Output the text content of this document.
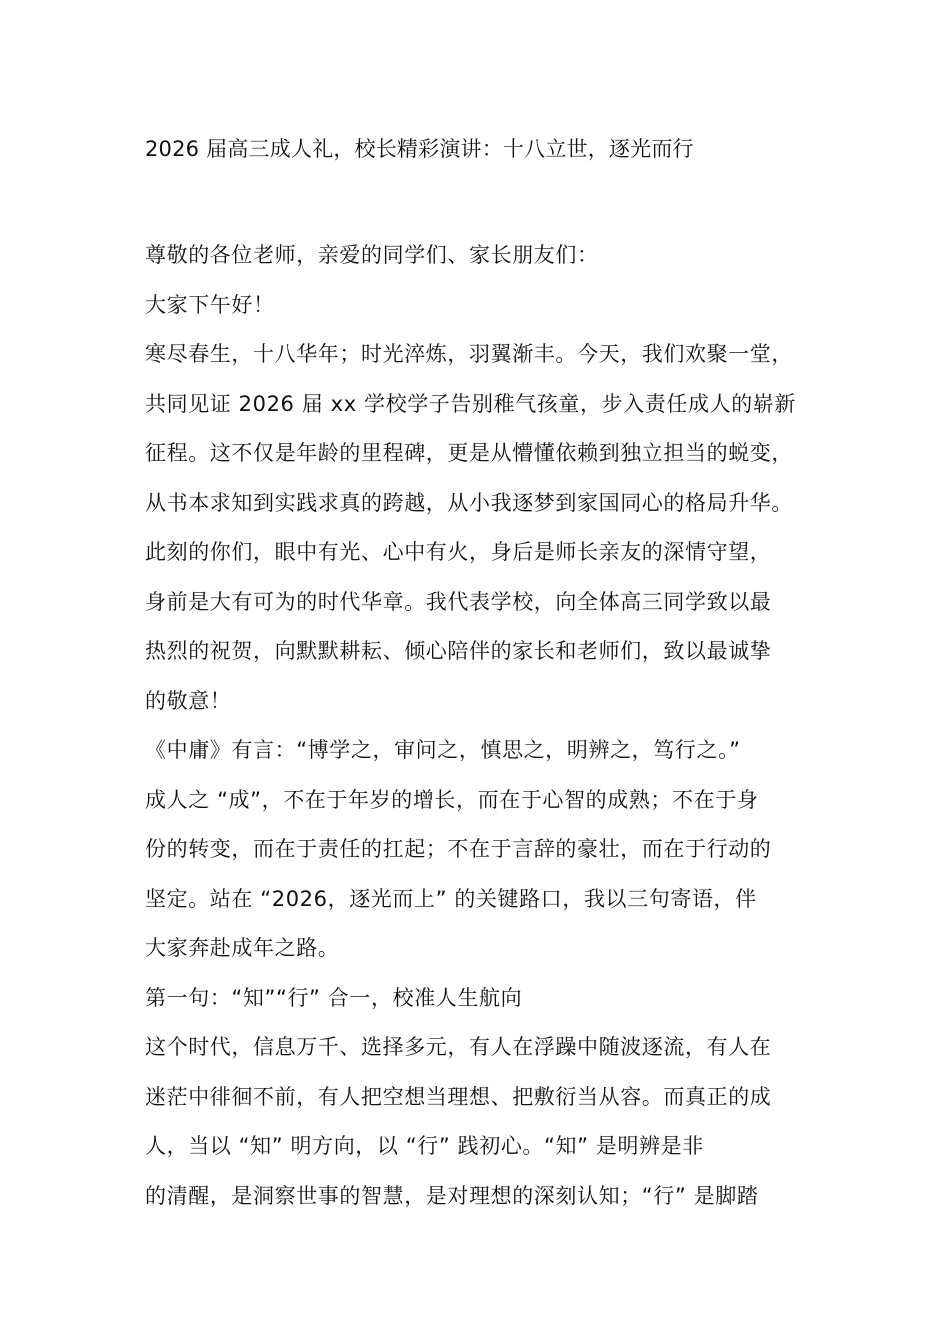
2026 届高三成人礼，校长精彩演讲：十八立世，逐光而行
尊敬的各位老师，亲爱的同学们、家长朋友们：
大家下午好！
寒尽春生，十八华年；时光淬炼，羽翼渐丰。今天，我们欢聚一堂，
共同见证 2026 届 xx 学校学子告别稚气孩童，步入责任成人的崭新
征程。这不仅是年龄的里程碑，更是从懵懂依赖到独立担当的蜕变，
从书本求知到实践求真的跨越，从小我逐梦到家国同心的格局升华。
此刻的你们，眼中有光、心中有火，身后是师长亲友的深情守望，
身前是大有可为的时代华章。我代表学校，向全体高三同学致以最
热烈的祝贺，向默默耕耘、倾心陪伴的家长和老师们，致以最诚挚
的敬意！
《中庸》有言：“博学之，审问之，慎思之，明辨之，笃行之。”
成人之 “成”，不在于年岁的增长，而在于心智的成熟；不在于身
份的转变，而在于责任的扛起；不在于言辞的豪壮，而在于行动的
坚定。站在 “2026，逐光而上” 的关键路口，我以三句寄语，伴
大家奔赴成年之路。
第一句：“知”“行” 合一，校准人生航向
这个时代，信息万千、选择多元，有人在浮躁中随波逐流，有人在
迷茫中徘徊不前，有人把空想当理想、把敷衍当从容。而真正的成
人，当以 “知” 明方向，以 “行” 践初心。“知” 是明辨是非
的清醒，是洞察世事的智慧，是对理想的深刻认知；“行” 是脚踏
